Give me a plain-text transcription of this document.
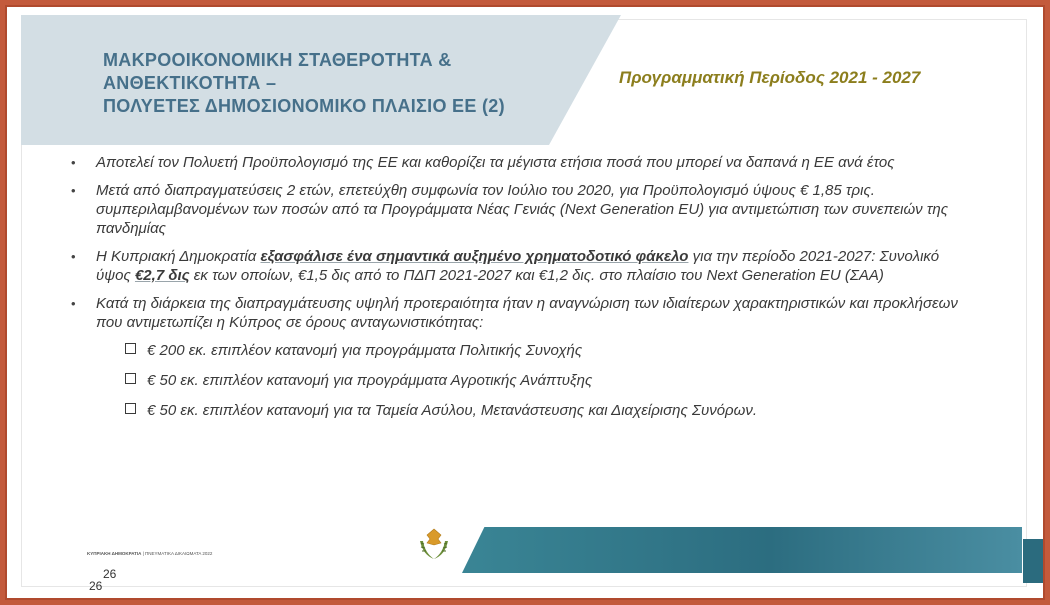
ΜΑΚΡΟΟΙΚΟΝΟΜΙΚΗ ΣΤΑΘΕΡΟΤΗΤΑ &
ΑΝΘΕΚΤΙΚΟΤΗΤΑ –
ΠΟΛΥΕΤΕΣ ΔΗΜΟΣΙΟΝΟΜΙΚΟ ΠΛΑΙΣΙΟ ΕΕ (2)
Προγραμματική Περίοδος 2021 - 2027
• Αποτελεί τον Πολυετή Προϋπολογισμό της ΕΕ και καθορίζει τα μέγιστα ετήσια ποσά που μπορεί να δαπανά η ΕΕ ανά έτος
• Μετά από διαπραγματεύσεις 2 ετών, επετεύχθη συμφωνία τον Ιούλιο του 2020, για Προϋπολογισμό ύψους € 1,85 τρις. συμπεριλαμβανομένων των ποσών από τα Προγράμματα Νέας Γενιάς (Next Generation EU) για αντιμετώπιση των συνεπειών της πανδημίας
• Η Κυπριακή Δημοκρατία εξασφάλισε ένα σημαντικά αυξημένο χρηματοδοτικό φάκελο για την περίοδο 2021-2027: Συνολικό ύψος €2,7 δις εκ των οποίων, €1,5 δις από το ΠΔΠ 2021-2027 και €1,2 δις. στο πλαίσιο του Next Generation EU (ΣΑΑ)
• Κατά τη διάρκεια της διαπραγμάτευσης υψηλή προτεραιότητα ήταν η αναγνώριση των ιδιαίτερων χαρακτηριστικών και προκλήσεων που αντιμετωπίζει η Κύπρος σε όρους ανταγωνιστικότητας:
€ 200 εκ. επιπλέον κατανομή για προγράμματα Πολιτικής Συνοχής
€ 50 εκ. επιπλέον κατανομή για προγράμματα Αγροτικής Ανάπτυξης
€ 50 εκ. επιπλέον κατανομή για τα Ταμεία Ασύλου, Μετανάστευσης και Διαχείρισης Συνόρων.
ΚΥΠΡΙΑΚΗ ΔΗΜΟΚΡΑΤΙΑ | ΠΝΕΥΜΑΤΙΚΑ ΔΙΚΑΙΩΜΑΤΑ 2022
26
26
